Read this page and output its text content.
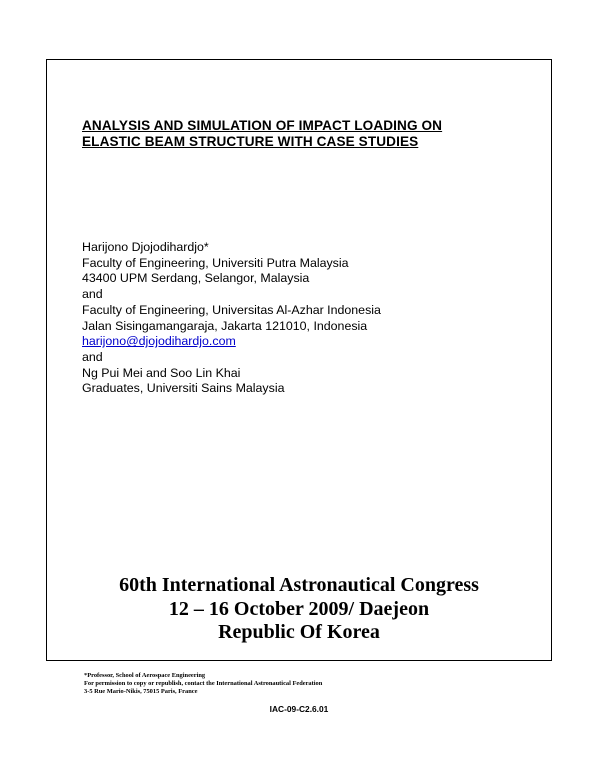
ANALYSIS AND SIMULATION OF IMPACT LOADING ON
ELASTIC BEAM STRUCTURE WITH CASE STUDIES
Harijono Djojodihardjo*
Faculty of Engineering, Universiti Putra Malaysia
43400 UPM Serdang, Selangor, Malaysia
and
Faculty of Engineering, Universitas Al-Azhar Indonesia
Jalan Sisingamangaraja, Jakarta 121010, Indonesia
harijono@djojodihardjo.com
and
Ng Pui Mei and Soo Lin Khai
Graduates, Universiti Sains Malaysia
60th International Astronautical Congress
12 – 16 October 2009/ Daejeon
Republic Of Korea
*Professor, School of Aerospace Engineering
For permission to copy or republish, contact the International Astronautical Federation
3-5 Rue Mario-Nikis, 75015 Paris, France
IAC-09-C2.6.01
